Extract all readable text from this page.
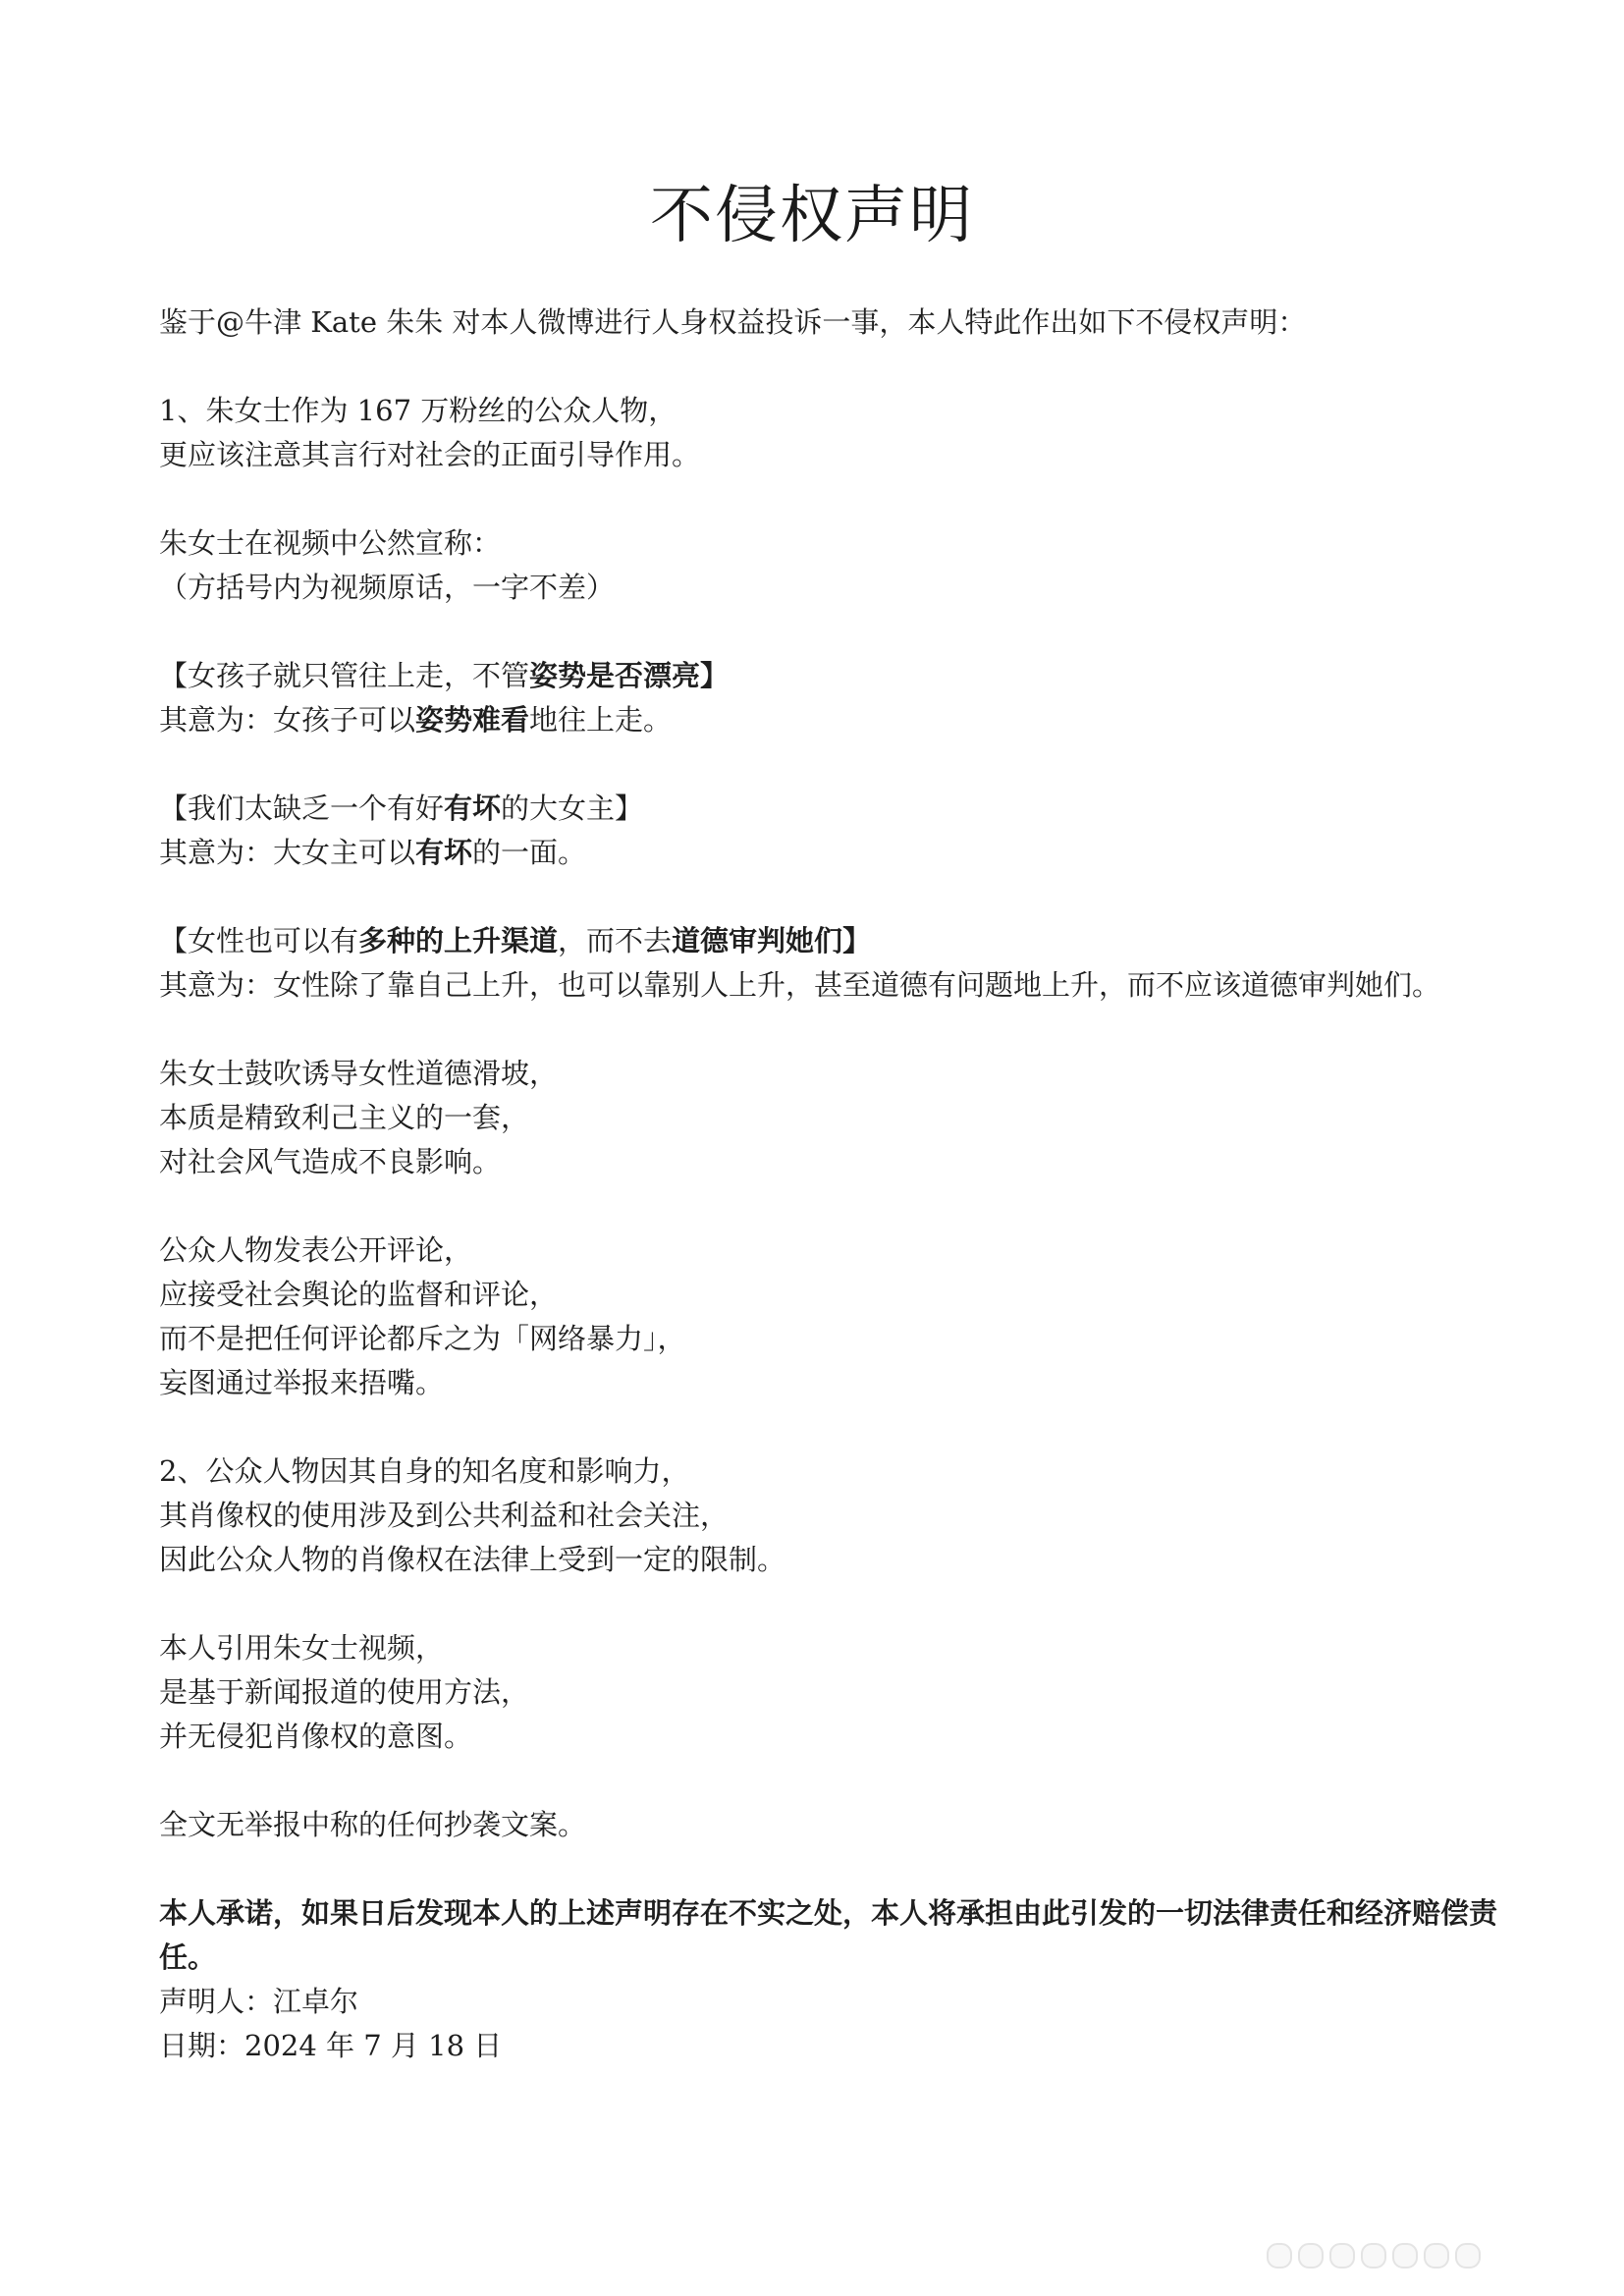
不侵权声明
鉴于@牛津 Kate 朱朱 对本人微博进行人身权益投诉一事，本人特此作出如下不侵权声明：
1、朱女士作为 167 万粉丝的公众人物，
更应该注意其言行对社会的正面引导作用。
朱女士在视频中公然宣称：
（方括号内为视频原话，一字不差）
【女孩子就只管往上走，不管姿势是否漂亮】
其意为：女孩子可以姿势难看地往上走。
【我们太缺乏一个有好有坏的大女主】
其意为：大女主可以有坏的一面。
【女性也可以有多种的上升渠道，而不去道德审判她们】
其意为：女性除了靠自己上升，也可以靠别人上升，甚至道德有问题地上升，而不应该道德审判她们。
朱女士鼓吹诱导女性道德滑坡，
本质是精致利己主义的一套，
对社会风气造成不良影响。
公众人物发表公开评论，
应接受社会舆论的监督和评论，
而不是把任何评论都斥之为「网络暴力」，
妄图通过举报来捂嘴。
2、公众人物因其自身的知名度和影响力，
其肖像权的使用涉及到公共利益和社会关注，
因此公众人物的肖像权在法律上受到一定的限制。
本人引用朱女士视频，
是基于新闻报道的使用方法，
并无侵犯肖像权的意图。
全文无举报中称的任何抄袭文案。
本人承诺，如果日后发现本人的上述声明存在不实之处，本人将承担由此引发的一切法律责任和经济赔偿责任。
声明人：江卓尔
日期：2024 年 7 月 18 日
